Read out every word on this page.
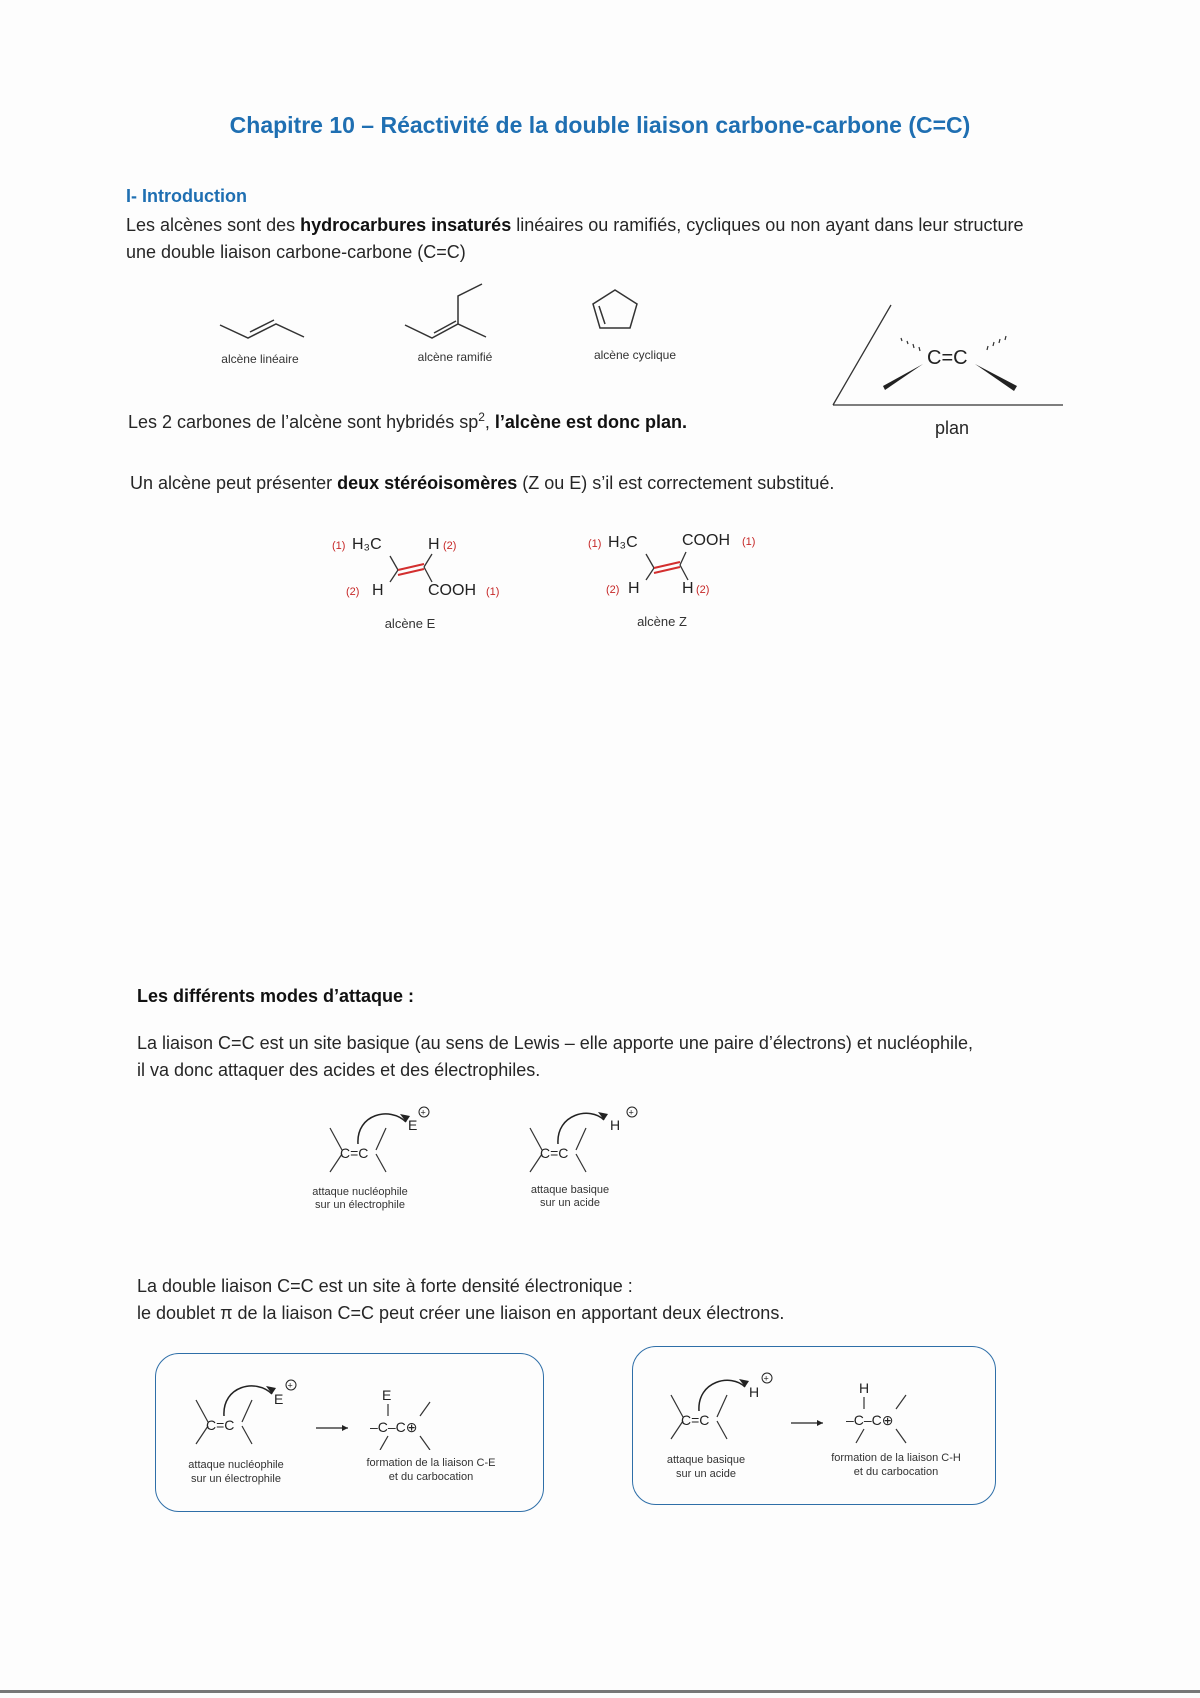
Chapitre 10 – Réactivité de la double liaison carbone-carbone (C=C)
I- Introduction
Les alcènes sont des hydrocarbures insaturés linéaires ou ramifiés, cycliques ou non ayant dans leur structure
une double liaison carbone-carbone (C=C)
alcène linéaire	alcène ramifié	alcène cyclique	C=C
plan
Les 2 carbones de l’alcène sont hybridés $sp^2$, l’alcène est donc plan.
Un alcène peut présenter deux stéréoisomères (Z ou E) s’il est correctement substitué.
(1) H₃C	H (2)
(2) H	COOH (1)
alcène E
(1) H₃C	COOH (1)
(2) H	H (2)
alcène Z
Les différents modes d’attaque :
La liaison C=C est un site basique (au sens de Lewis – elle apporte une paire d’électrons) et nucléophile,
il va donc attaquer des acides et des électrophiles.
C=C
E
+
C=C
H
+
attaque nucléophile
sur un électrophile
attaque basique
sur un acide
La double liaison C=C est un site à forte densité électronique :
le doublet π de la liaison C=C peut créer une liaison en apportant deux électrons.
C=C
E
+
E
–C–C⊕
attaque nucléophile
sur un électrophile
formation de la liaison C-E
et du carbocation
C=C
H
+
H
–C–C⊕
attaque basique
sur un acide
formation de la liaison C-H
et du carbocation
